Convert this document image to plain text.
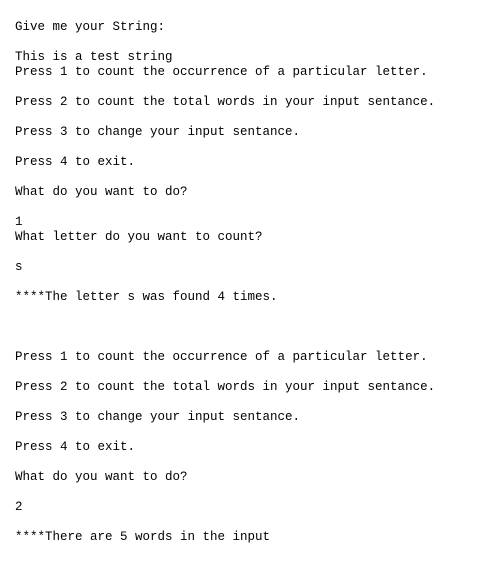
Give me your String:
This is a test string
Press 1 to count the occurrence of a particular letter.
Press 2 to count the total words in your input sentance.
Press 3 to change your input sentance.
Press 4 to exit.
What do you want to do?
1
What letter do you want to count?
s
****The letter s was found 4 times.
Press 1 to count the occurrence of a particular letter.
Press 2 to count the total words in your input sentance.
Press 3 to change your input sentance.
Press 4 to exit.
What do you want to do?
2
****There are 5 words in the input
